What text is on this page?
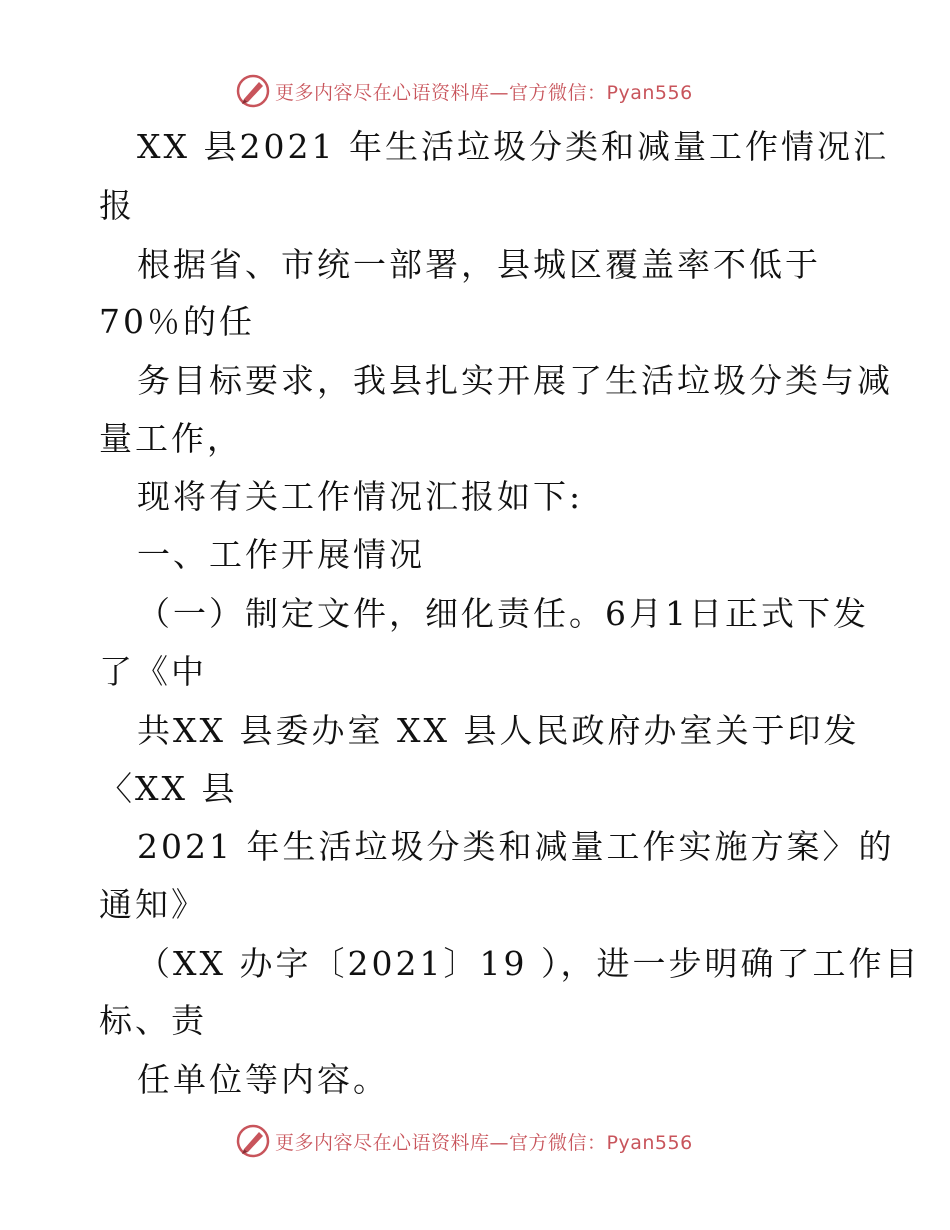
更多内容尽在心语资料库—官方微信：Pyan556
XX 县2021 年生活垃圾分类和减量工作情况汇
报
根据省、市统一部署，县城区覆盖率不低于
70％的任
务目标要求，我县扎实开展了生活垃圾分类与减
量工作，
现将有关工作情况汇报如下:
一、工作开展情况
（一）制定文件，细化责任。6月1日正式下发
了《中
共XX 县委办室 XX 县人民政府办室关于印发
〈XX 县
2021 年生活垃圾分类和减量工作实施方案〉的
通知》
（XX 办字〔2021〕19 ），进一步明确了工作目
标、责
任单位等内容。
更多内容尽在心语资料库—官方微信：Pyan556
